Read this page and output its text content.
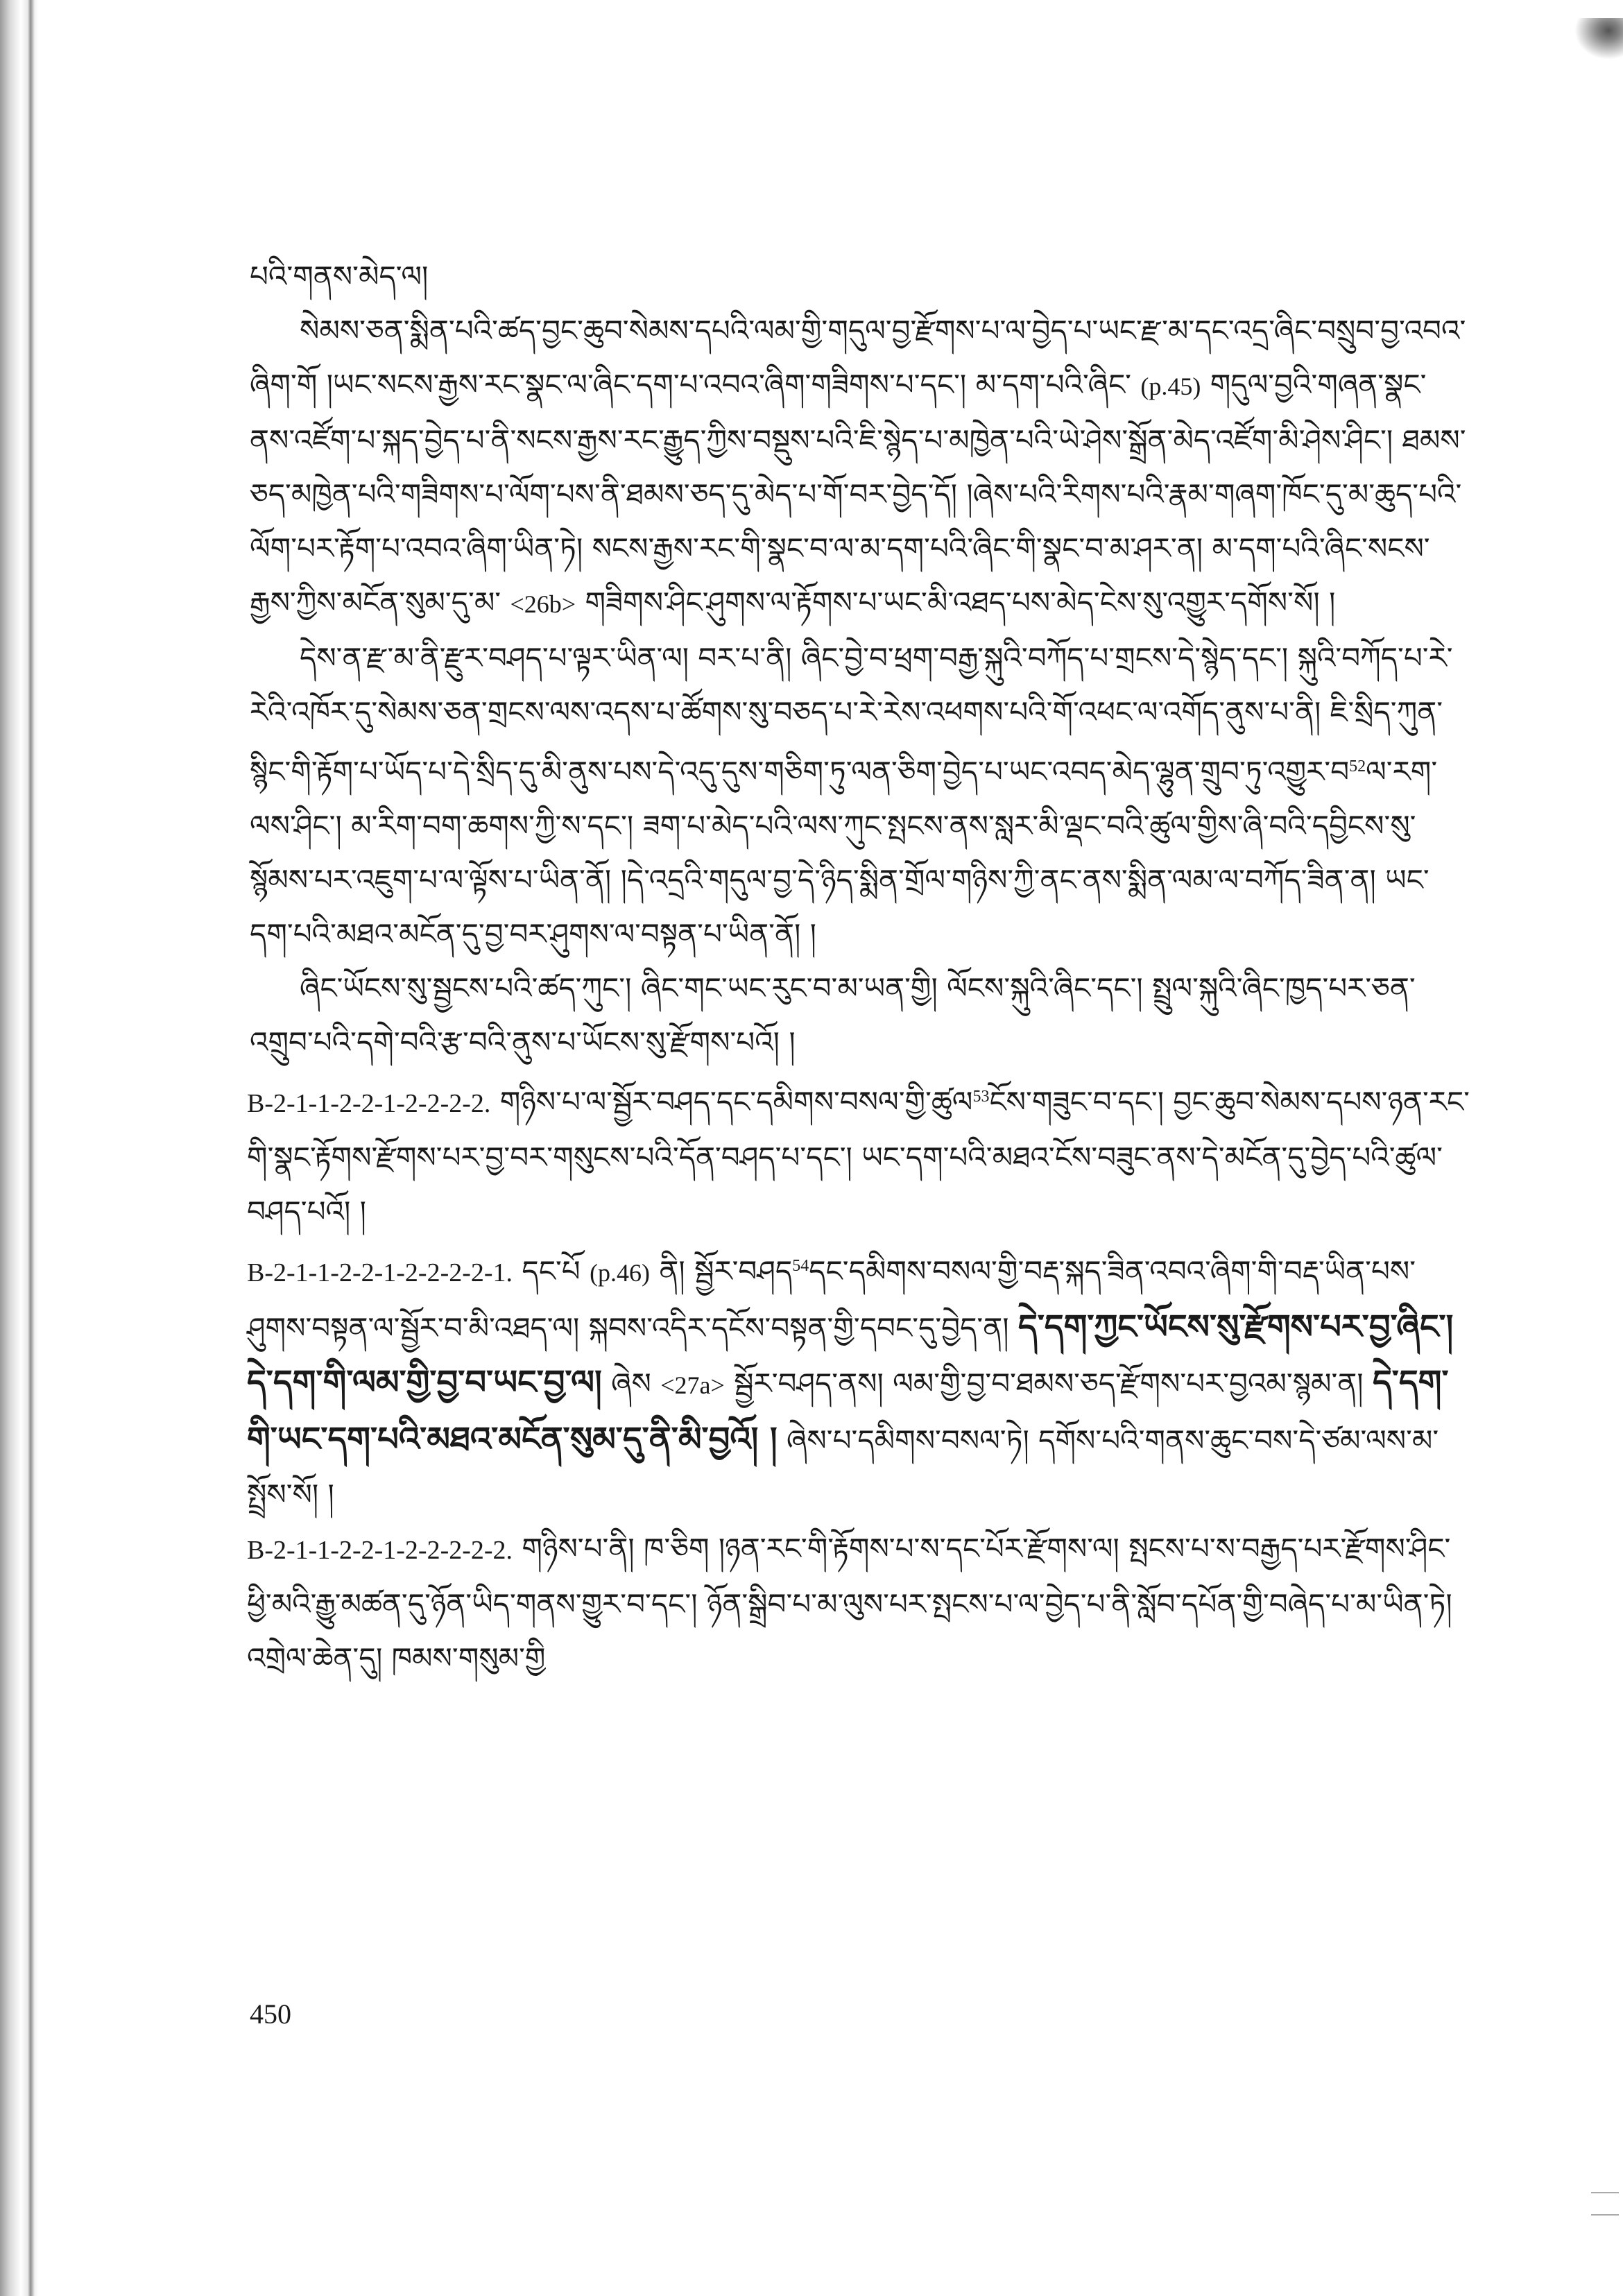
པའི་གནས་མེད་ལ།

སེམས་ཅན་སྨིན་པའི་ཚད་བྱང་ཆུབ་སེམས་དཔའི་ལམ་གྱི་གདུལ་བྱ་རྫོགས་པ་ལ་བྱེད་པ་ཡང་རྫ་མ་དང་འདྲ་ཞིང་བསྲུབ་བྱ་འབའ་ཞིག་གོ །ཡང་སངས་རྒྱས་རང་སྣང་ལ་ཞིང་དག་པ་འབའ་ཞིག་གཟིགས་པ་དང་། མ་དག་པའི་ཞིང་ (p.45) གདུལ་བྱའི་གཞན་སྣང་ནས་འཛོག་པ་སྐད་བྱེད་པ་ནི་སངས་རྒྱས་རང་རྒྱུད་ཀྱིས་བསྡུས་པའི་ཇི་སྙེད་པ་མཁྱེན་པའི་ཡེ་ཤེས་སྒྲོན་མེད་འཛོག་མི་ཤེས་ཤིང་། ཐམས་ཅད་མཁྱེན་པའི་གཟིགས་པ་ལོག་པས་ནི་ཐམས་ཅད་དུ་མེད་པ་གོ་བར་བྱེད་དོ། །ཞེས་པའི་རིགས་པའི་རྣམ་གཞག་ཁོང་དུ་མ་ཆུད་པའི་ལོག་པར་རྟོག་པ་འབའ་ཞིག་ཡིན་ཏེ། སངས་རྒྱས་རང་གི་སྣང་བ་ལ་མ་དག་པའི་ཞིང་གི་སྣང་བ་མ་ཤར་ན། མ་དག་པའི་ཞིང་སངས་རྒྱས་ཀྱིས་མངོན་སུམ་དུ་མ་ <26b> གཟིགས་ཤིང་ཤུགས་ལ་རྟོགས་པ་ཡང་མི་འཐད་པས་མེད་ངེས་སུ་འགྱུར་དགོས་སོ། །

དེས་ན་རྫ་མ་ནི་རྫུར་བཤད་པ་ལྟར་ཡིན་ལ། བར་པ་ནི། ཞིང་བྱེ་བ་ཕྲག་བརྒྱ་སྐུའི་བཀོད་པ་གྲངས་དེ་སྙེད་དང་། སྐུའི་བཀོད་པ་རེ་རེའི་འཁོར་དུ་སེམས་ཅན་གྲངས་ལས་འདས་པ་ཚོགས་སུ་བཅད་པ་རེ་རེས་འཕགས་པའི་གོ་འཕང་ལ་འགོད་ནུས་པ་ནི། ཇི་སྲིད་ཀུན་སྙིང་གི་རྟོག་པ་ཡོད་པ་དེ་སྲིད་དུ་མི་ནུས་པས་དེ་འདུ་དུས་གཅིག་ཏུ་ལན་ཅིག་བྱེད་པ་ཡང་འབད་མེད་ལྷུན་གྲུབ་ཏུ་འགྱུར་བ$^{52}$ལ་རག་ལས་ཤིང་། མ་རིག་བག་ཆགས་ཀྱི་ས་དང་། ཟག་པ་མེད་པའི་ལས་ཀུང་སྤངས་ནས་སླར་མི་ལྡང་བའི་ཚུལ་གྱིས་ཞི་བའི་དབྱིངས་སུ་སྙོམས་པར་འཇུག་པ་ལ་ལྟོས་པ་ཡིན་ནོ། །དེ་འདྲའི་གདུལ་བྱ་དེ་ཉིད་སྨིན་གྲོལ་གཉིས་ཀྱི་ནང་ནས་སྨིན་ལམ་ལ་བཀོད་ཟིན་ན། ཡང་དག་པའི་མཐའ་མངོན་དུ་བྱ་བར་ཤུགས་ལ་བསྟན་པ་ཡིན་ནོ། །

ཞིང་ཡོངས་སུ་སྦྱངས་པའི་ཚད་ཀུང་། ཞིང་གང་ཡང་རུང་བ་མ་ཡན་གྱི། ལོངས་སྐུའི་ཞིང་དང་། སྤྲུལ་སྐུའི་ཞིང་ཁྱད་པར་ཅན་འགྲུབ་པའི་དགེ་བའི་རྩ་བའི་ནུས་པ་ཡོངས་སུ་རྫོགས་པའོ། །

B-2-1-1-2-2-1-2-2-2-2. གཉིས་པ་ལ་སྦྱོར་བཤད་དང་དམིགས་བསལ་གྱི་ཚུལ$^{53}$ངོས་གཟུང་བ་དང་། བྱང་ཆུབ་སེམས་དཔས་ཉན་རང་གི་སྣང་རྟོགས་རྫོགས་པར་བྱ་བར་གསུངས་པའི་དོན་བཤད་པ་དང་། ཡང་དག་པའི་མཐའ་ངོས་བཟུང་ནས་དེ་མངོན་དུ་བྱེད་པའི་ཚུལ་བཤད་པའོ། །

B-2-1-1-2-2-1-2-2-2-2-1. དང་པོ (p.46) ནི། སྦྱོར་བཤད$^{54}$དང་དམིགས་བསལ་གྱི་བརྡ་སྐད་ཟིན་འབའ་ཞིག་གི་བརྡ་ཡིན་པས་ཤུགས་བསྟན་ལ་སྦྱོར་བ་མི་འཐད་ལ། སྐབས་འདིར་དངོས་བསྟན་གྱི་དབང་དུ་བྱེད་ན། དེ་དག་ཀྱང་ཡོངས་སུ་རྫོགས་པར་བྱ་ཞིང་། དེ་དག་གི་ལམ་གྱི་བྱ་བ་ཡང་བྱ་ལ། ཞེས <27a> སྦྱོར་བཤད་ནས། ལམ་གྱི་བྱ་བ་ཐམས་ཅད་རྫོགས་པར་བྱའམ་སྙམ་ན། དེ་དག་གི་ཡང་དག་པའི་མཐའ་མངོན་སུམ་དུ་ནི་མི་བྱའོ། ། ཞེས་པ་དམིགས་བསལ་ཏེ། དགོས་པའི་གནས་ཆུང་བས་དེ་ཙམ་ལས་མ་སྤྲོས་སོ། །

B-2-1-1-2-2-1-2-2-2-2-2. གཉིས་པ་ནི། ཁ་ཅིག །ཉན་རང་གི་རྟོགས་པ་ས་དང་པོར་རྫོགས་ལ། སྤངས་པ་ས་བརྒྱད་པར་རྫོགས་ཤིང་ཕྱི་མའི་རྒྱུ་མཚན་དུ་ཉོན་ཡིད་གནས་གྱུར་བ་དང་། ཉོན་སྒྲིབ་པ་མ་ལུས་པར་སྤངས་པ་ལ་བྱེད་པ་ནི་སློབ་དཔོན་གྱི་བཞེད་པ་མ་ཡིན་ཏེ། འགྲེལ་ཆེན་དུ། ཁམས་གསུམ་གྱི

450
